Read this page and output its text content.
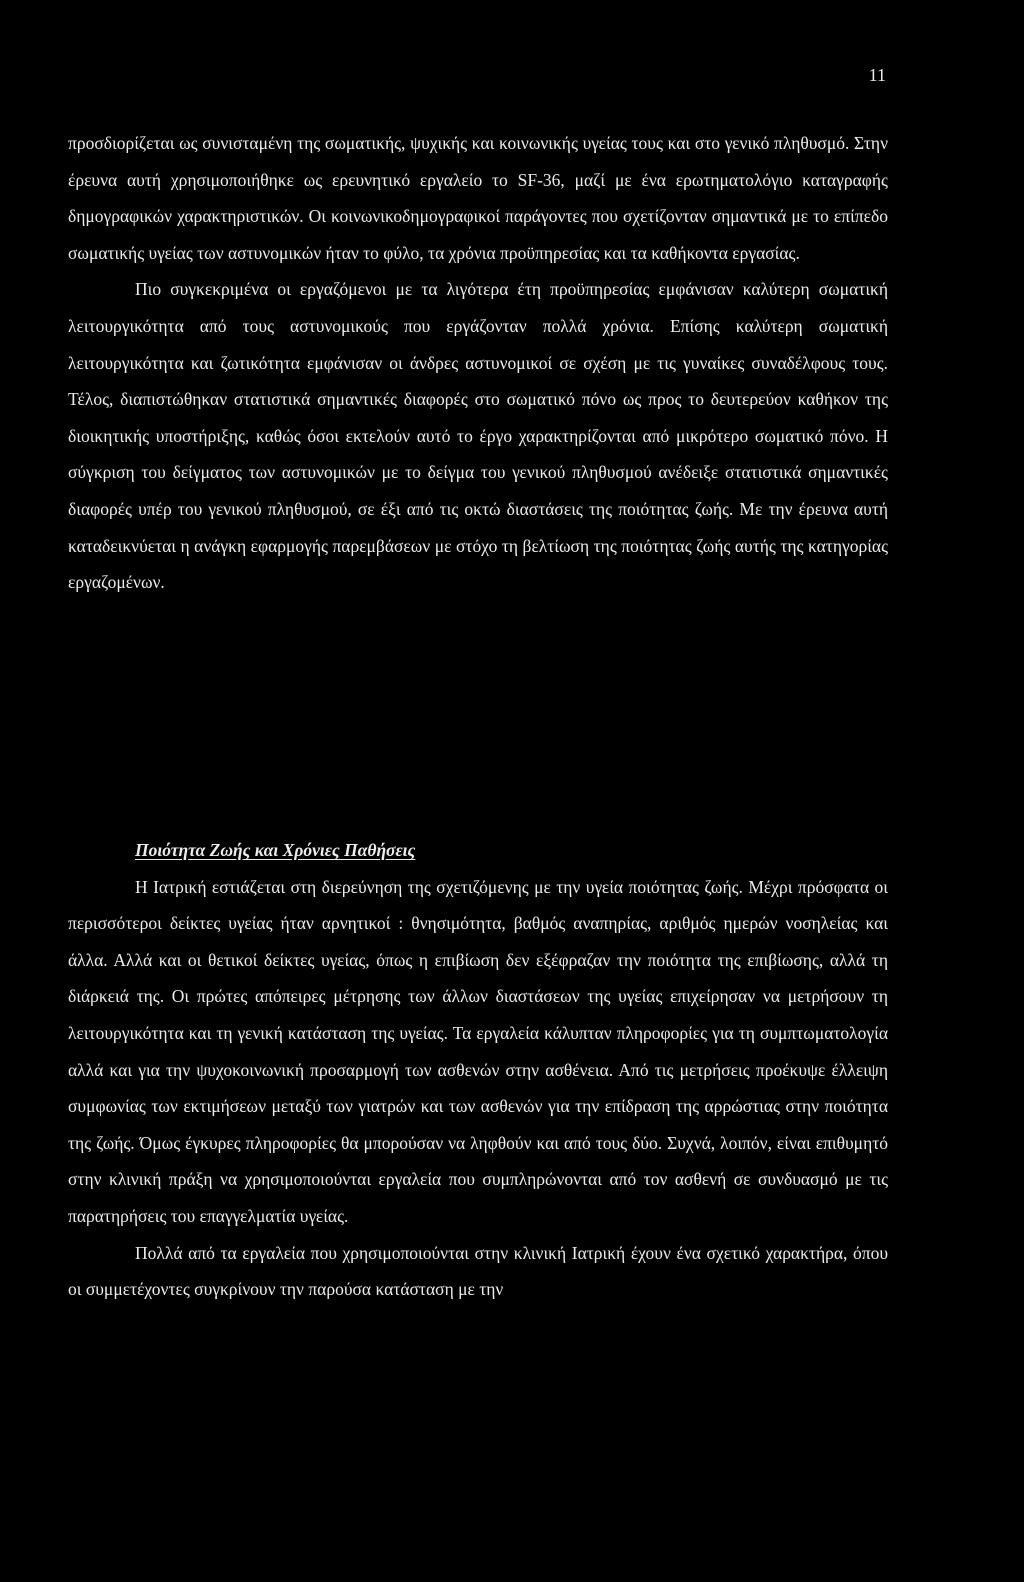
11

προσδιορίζεται ως συνισταμένη της σωματικής, ψυχικής και κοινωνικής υγείας τους και στο γενικό πληθυσμό. Στην έρευνα αυτή χρησιμοποιήθηκε ως ερευνητικό εργαλείο το SF-36, μαζί με ένα ερωτηματολόγιο καταγραφής δημογραφικών χαρακτηριστικών. Οι κοινωνικοδημογραφικοί παράγοντες που σχετίζονταν σημαντικά με το επίπεδο σωματικής υγείας των αστυνομικών ήταν το φύλο, τα χρόνια προϋπηρεσίας και τα καθήκοντα εργασίας.

Πιο συγκεκριμένα οι εργαζόμενοι με τα λιγότερα έτη προϋπηρεσίας εμφάνισαν καλύτερη σωματική λειτουργικότητα από τους αστυνομικούς που εργάζονταν πολλά χρόνια. Επίσης καλύτερη σωματική λειτουργικότητα και ζωτικότητα εμφάνισαν οι άνδρες αστυνομικοί σε σχέση με τις γυναίκες συναδέλφους τους. Τέλος, διαπιστώθηκαν στατιστικά σημαντικές διαφορές στο σωματικό πόνο ως προς το δευτερεύον καθήκον της διοικητικής υποστήριξης, καθώς όσοι εκτελούν αυτό το έργο χαρακτηρίζονται από μικρότερο σωματικό πόνο. Η σύγκριση του δείγματος των αστυνομικών με το δείγμα του γενικού πληθυσμού ανέδειξε στατιστικά σημαντικές διαφορές υπέρ του γενικού πληθυσμού, σε έξι από τις οκτώ διαστάσεις της ποιότητας ζωής. Με την έρευνα αυτή καταδεικνύεται η ανάγκη εφαρμογής παρεμβάσεων με στόχο τη βελτίωση της ποιότητας ζωής αυτής της κατηγορίας εργαζομένων.

Ποιότητα Ζωής και Χρόνιες Παθήσεις

Η Ιατρική εστιάζεται στη διερεύνηση της σχετιζόμενης με την υγεία ποιότητας ζωής. Μέχρι πρόσφατα οι περισσότεροι δείκτες υγείας ήταν αρνητικοί : θνησιμότητα, βαθμός αναπηρίας, αριθμός ημερών νοσηλείας και άλλα. Αλλά και οι θετικοί δείκτες υγείας, όπως η επιβίωση δεν εξέφραζαν την ποιότητα της επιβίωσης, αλλά τη διάρκειά της. Οι πρώτες απόπειρες μέτρησης των άλλων διαστάσεων της υγείας επιχείρησαν να μετρήσουν τη λειτουργικότητα και τη γενική κατάσταση της υγείας. Τα εργαλεία κάλυπταν πληροφορίες για τη συμπτωματολογία αλλά και για την ψυχοκοινωνική προσαρμογή των ασθενών στην ασθένεια. Από τις μετρήσεις προέκυψε έλλειψη συμφωνίας των εκτιμήσεων μεταξύ των γιατρών και των ασθενών για την επίδραση της αρρώστιας στην ποιότητα της ζωής. Όμως έγκυρες πληροφορίες θα μπορούσαν να ληφθούν και από τους δύο. Συχνά, λοιπόν, είναι επιθυμητό στην κλινική πράξη να χρησιμοποιούνται εργαλεία που συμπληρώνονται από τον ασθενή σε συνδυασμό με τις παρατηρήσεις του επαγγελματία υγείας.

Πολλά από τα εργαλεία που χρησιμοποιούνται στην κλινική Ιατρική έχουν ένα σχετικό χαρακτήρα, όπου οι συμμετέχοντες συγκρίνουν την παρούσα κατάσταση με την
